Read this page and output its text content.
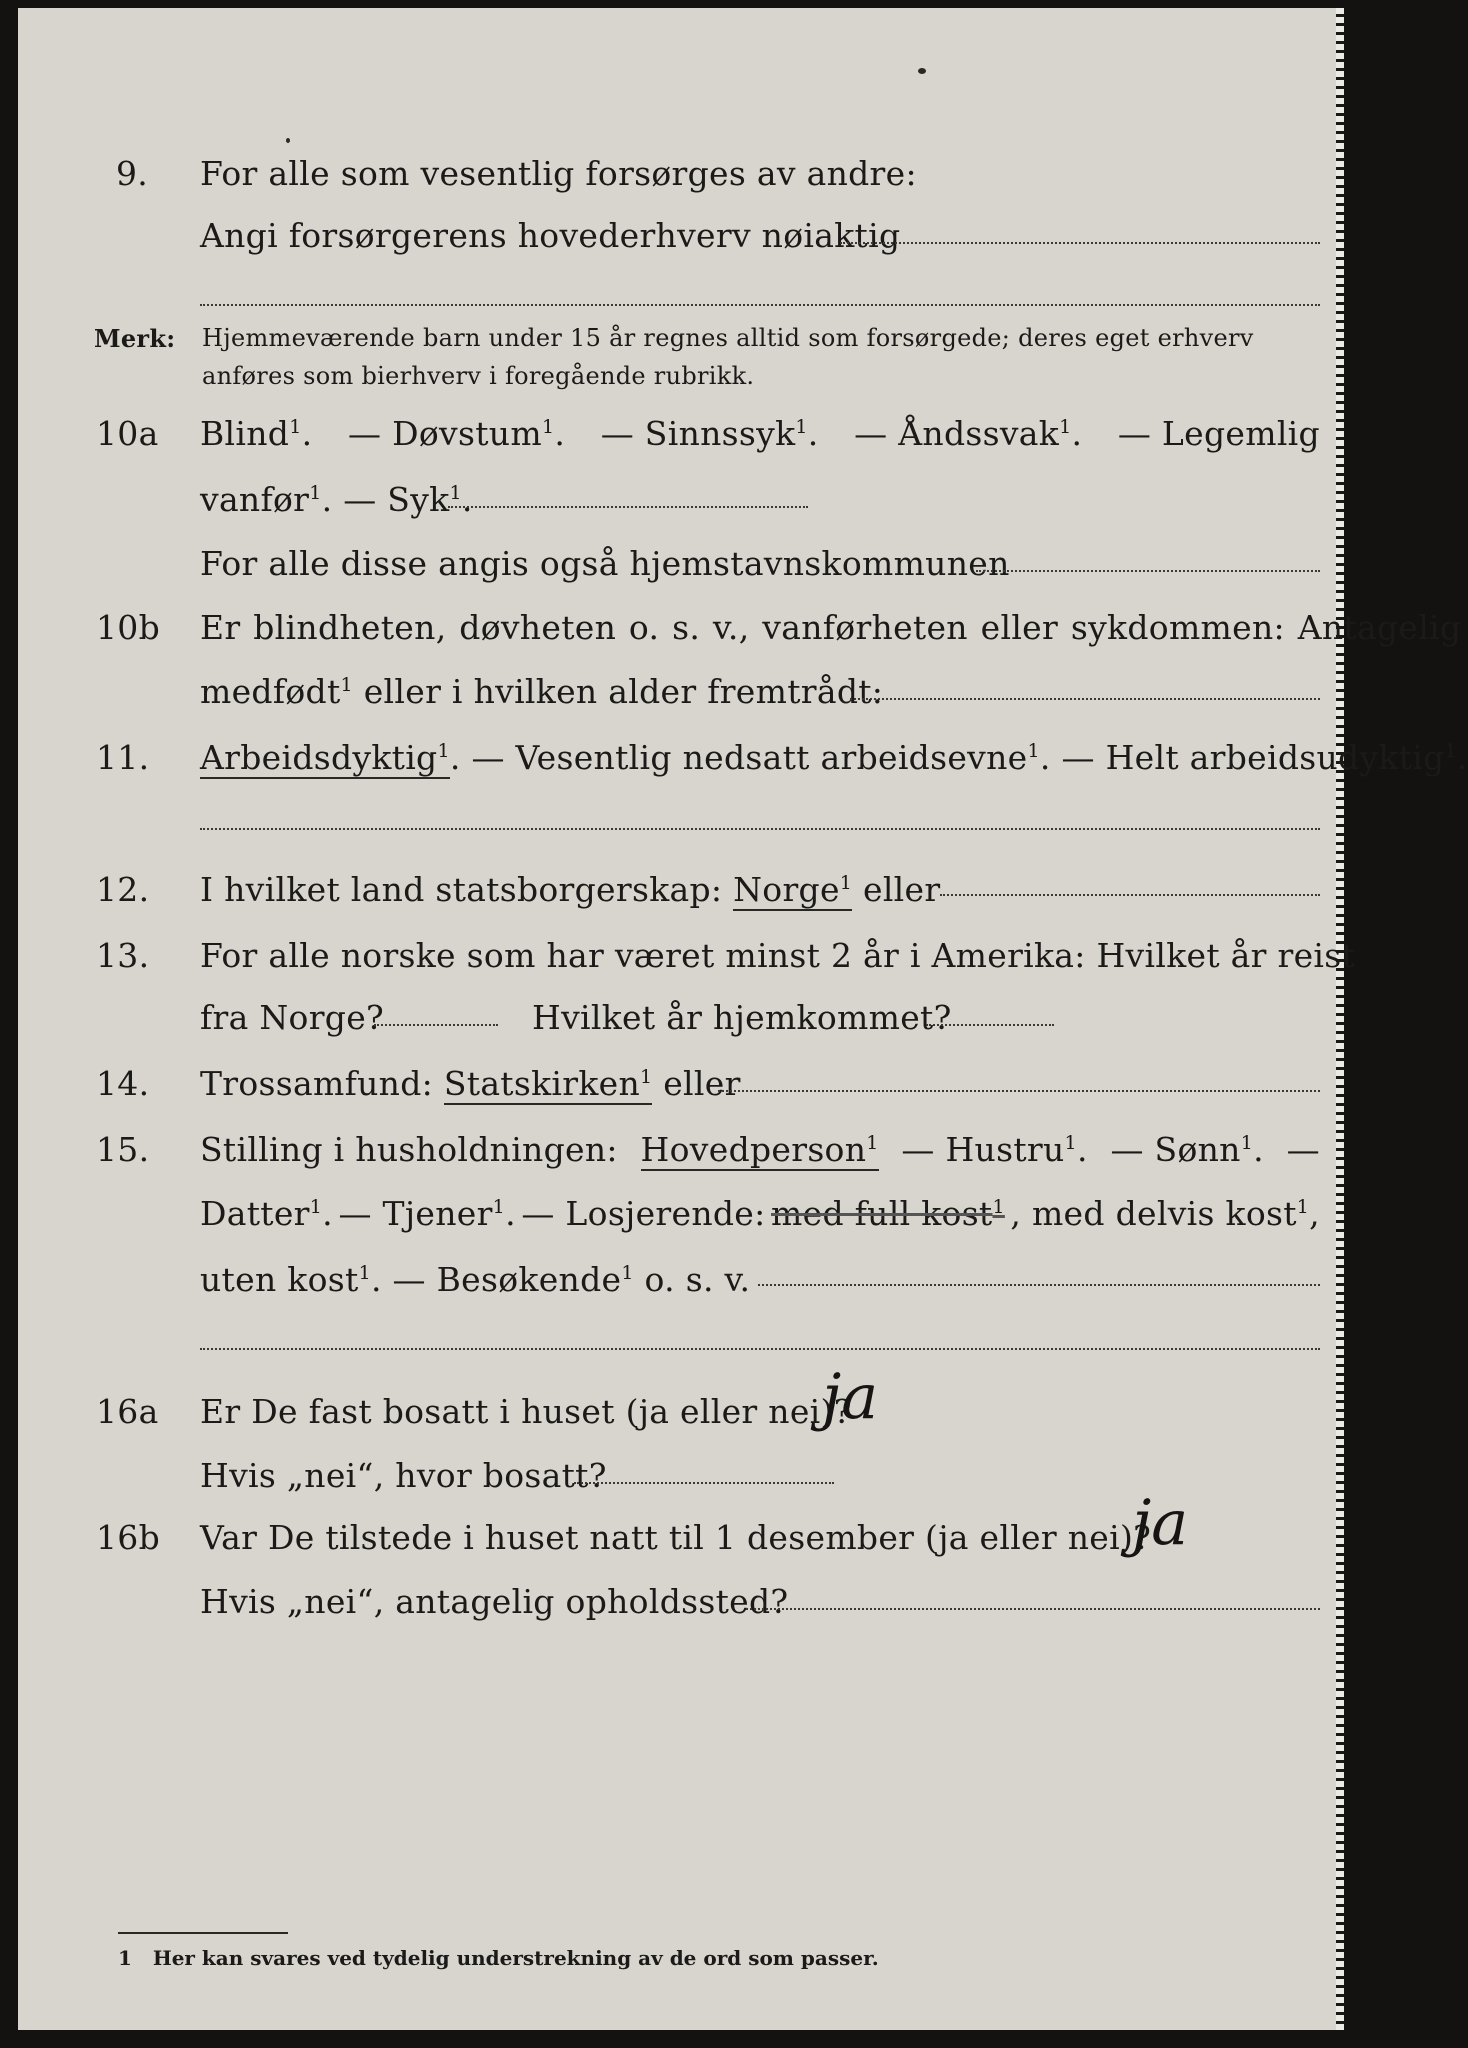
9. For alle som vesentlig forsørges av andre:
Angi forsørgerens hovederhverv nøiaktig
Merk: Hjemmeværende barn under 15 år regnes alltid som forsørgede; deres eget erhverv
anføres som bierhverv i foregående rubrikk.
10a Blind$^1$. — Døvstum$^1$. — Sinnssyk$^1$. — Åndssvak$^1$. — Legemlig
vanfør$^1$. — Syk$^1$.
For alle disse angis også hjemstavnskommunen
10b Er blindheten, døvheten o. s. v., vanførheten eller sykdommen: Antagelig
medfødt$^1$ eller i hvilken alder fremtrådt:
11. Arbeidsdyktig$^1$. — Vesentlig nedsatt arbeidsevne$^1$. — Helt arbeidsudyktig$^1$.
12. I hvilket land statsborgerskap: Norge$^1$ eller
13. For alle norske som har været minst 2 år i Amerika: Hvilket år reist
fra Norge?	Hvilket år hjemkommet?
14. Trossamfund: Statskirken$^1$ eller
15. Stilling i husholdningen: Hovedperson$^1$ — Hustru$^1$. — Sønn$^1$. —
Datter$^1$. — Tjener$^1$. — Losjerende: med full kost$^1$ , med delvis kost$^1$,
uten kost$^1$. — Besøkende$^1$ o. s. v.
16a Er De fast bosatt i huset (ja eller nei)?
ja
Hvis „nei“, hvor bosatt?
16b Var De tilstede i huset natt til 1 desember (ja eller nei)?
ja
Hvis „nei“, antagelig opholdssted?
1 Her kan svares ved tydelig understrekning av de ord som passer.
